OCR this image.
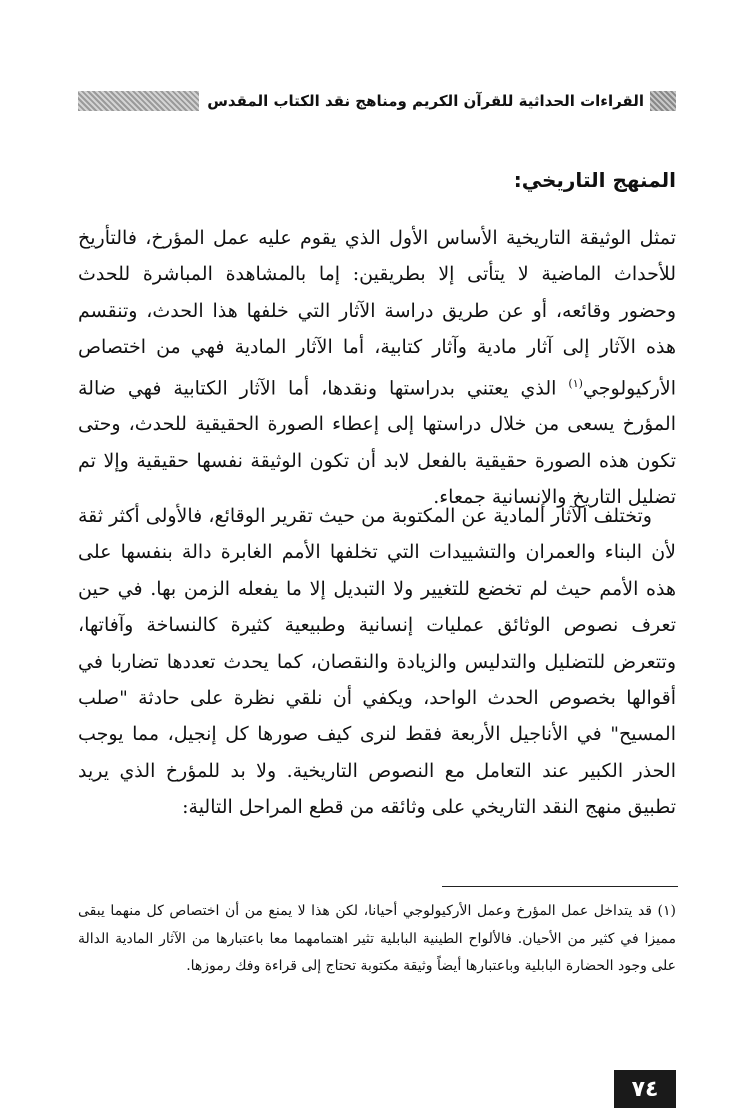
القراءات الحداثية للقرآن الكريم ومناهج نقد الكتاب المقدس
المنهج التاريخي:
تمثل الوثيقة التاريخية الأساس الأول الذي يقوم عليه عمل المؤرخ، فالتأريخ للأحداث الماضية لا يتأتى إلا بطريقين: إما بالمشاهدة المباشرة للحدث وحضور وقائعه، أو عن طريق دراسة الآثار التي خلفها هذا الحدث، وتنقسم هذه الآثار إلى آثار مادية وآثار كتابية، أما الآثار المادية فهي من اختصاص الأركيولوجي$^{(١)}$ الذي يعتني بدراستها ونقدها، أما الآثار الكتابية فهي ضالة المؤرخ يسعى من خلال دراستها إلى إعطاء الصورة الحقيقية للحدث، وحتى تكون هذه الصورة حقيقية بالفعل لابد أن تكون الوثيقة نفسها حقيقية وإلا تم تضليل التاريخ والإنسانية جمعاء.
وتختلف الآثار المادية عن المكتوبة من حيث تقرير الوقائع، فالأولى أكثر ثقة لأن البناء والعمران والتشييدات التي تخلفها الأمم الغابرة دالة بنفسها على هذه الأمم حيث لم تخضع للتغيير ولا التبديل إلا ما يفعله الزمن بها. في حين تعرف نصوص الوثائق عمليات إنسانية وطبيعية كثيرة كالنساخة وآفاتها، وتتعرض للتضليل والتدليس والزيادة والنقصان، كما يحدث تعددها تضاربا في أقوالها بخصوص الحدث الواحد، ويكفي أن نلقي نظرة على حادثة "صلب المسيح" في الأناجيل الأربعة فقط لنرى كيف صورها كل إنجيل، مما يوجب الحذر الكبير عند التعامل مع النصوص التاريخية. ولا بد للمؤرخ الذي يريد تطبيق منهج النقد التاريخي على وثائقه من قطع المراحل التالية:
(١) قد يتداخل عمل المؤرخ وعمل الأركيولوجي أحيانا، لكن هذا لا يمنع من أن اختصاص كل منهما يبقى مميزا في كثير من الأحيان. فالألواح الطينية البابلية تثير اهتمامهما معا باعتبارها من الآثار المادية الدالة على وجود الحضارة البابلية وباعتبارها أيضاً وثيقة مكتوبة تحتاج إلى قراءة وفك رموزها.
٧٤
